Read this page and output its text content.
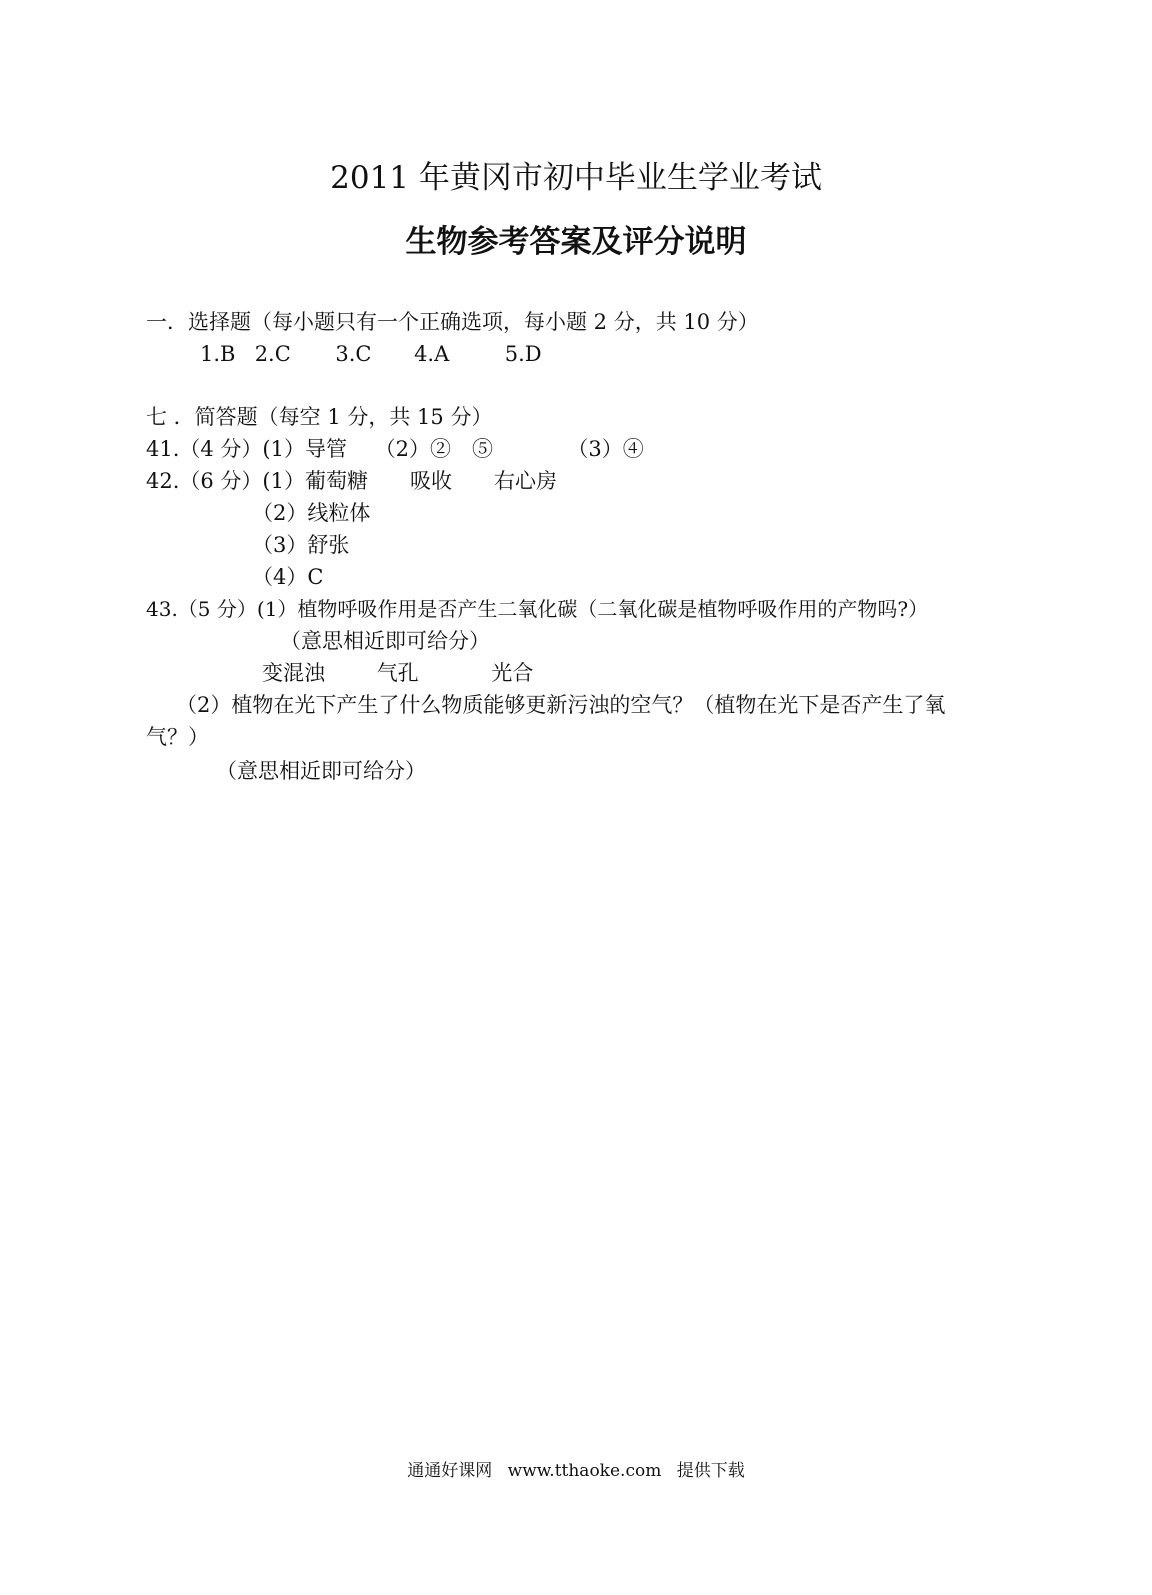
2011 年黄冈市初中毕业生学业考试
生物参考答案及评分说明
一．选择题（每小题只有一个正确选项，每小题 2 分，共 10 分）
1.B 2.C 3.C 4.A	5.D
七 ．简答题（每空 1 分，共 15 分）
41.（4 分）(1）导管 （2）②　⑤	（3）④
42.（6 分）(1）葡萄糖　　吸收　　右心房
（2）线粒体
（3）舒张
（4）C
43.（5 分）(1）植物呼吸作用是否产生二氧化碳（二氧化碳是植物呼吸作用的产物吗?）
（意思相近即可给分）
变混浊 气孔	光合
（2）植物在光下产生了什么物质能够更新污浊的空气？（植物在光下是否产生了氧
气？）
（意思相近即可给分）
通通好课网 www.tthaoke.com 提供下载
